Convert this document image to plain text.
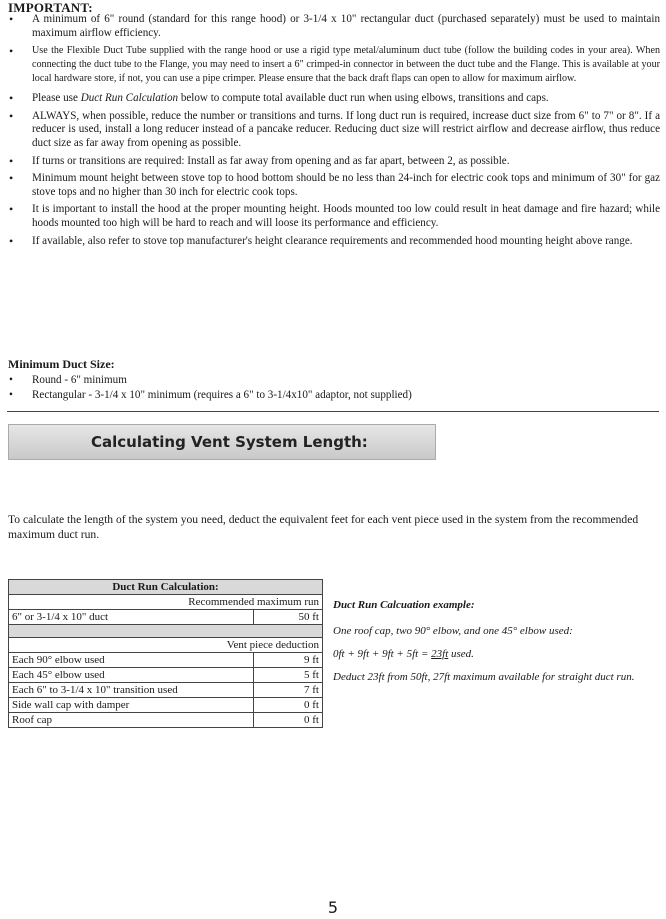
IMPORTANT:
• A minimum of 6" round (standard for this range hood) or 3-1/4 x 10" rectangular duct (purchased separately) must be used to maintain maximum airflow efficiency.
• Use the Flexible Duct Tube supplied with the range hood or use a rigid type metal/aluminum duct tube (follow the building codes in your area). When connecting the duct tube to the Flange, you may need to insert a 6" crimped-in connector in between the duct tube and the Flange. This is available at your local hardware store, if not, you can use a pipe crimper. Please ensure that the back draft flaps can open to allow for maximum airflow.
• Please use Duct Run Calculation below to compute total available duct run when using elbows, transitions and caps.
• ALWAYS, when possible, reduce the number or transitions and turns. If long duct run is required, increase duct size from 6" to 7" or 8". If a reducer is used, install a long reducer instead of a pancake reducer. Reducing duct size will restrict airflow and decrease airflow, thus reduce duct size as far away from opening as possible.
• If turns or transitions are required: Install as far away from opening and as far apart, between 2, as possible.
• Minimum mount height between stove top to hood bottom should be no less than 24-inch for electric cook tops and minimum of 30" for gaz stove tops and no higher than 30 inch for electric cook tops.
• It is important to install the hood at the proper mounting height. Hoods mounted too low could result in heat damage and fire hazard; while hoods mounted too high will be hard to reach and will loose its performance and efficiency.
• If available, also refer to stove top manufacturer's height clearance requirements and recommended hood mounting height above range.
Minimum Duct Size:
• Round - 6" minimum
• Rectangular - 3-1/4 x 10" minimum (requires a 6" to 3-1/4x10" adaptor, not supplied)
Calculating Vent System Length:
To calculate the length of the system you need, deduct the equivalent feet for each vent piece used in the system from the recommended maximum duct run.
Duct Run Calculation:	
Recommended maximum run	
6" or 3-1/4 x 10" duct	50 ft

Vent piece deduction	
Each 90° elbow used	9 ft
Each 45° elbow used	5 ft
Each 6" to 3-1/4 x 10" transition used	7 ft
Side wall cap with damper	0 ft
Roof cap	0 ft
Duct Run Calcuation example:
One roof cap, two 90° elbow, and one 45° elbow used:
0ft + 9ft + 9ft + 5ft = 23ft used.
Deduct 23ft from 50ft, 27ft maximum available for straight duct run.
5
